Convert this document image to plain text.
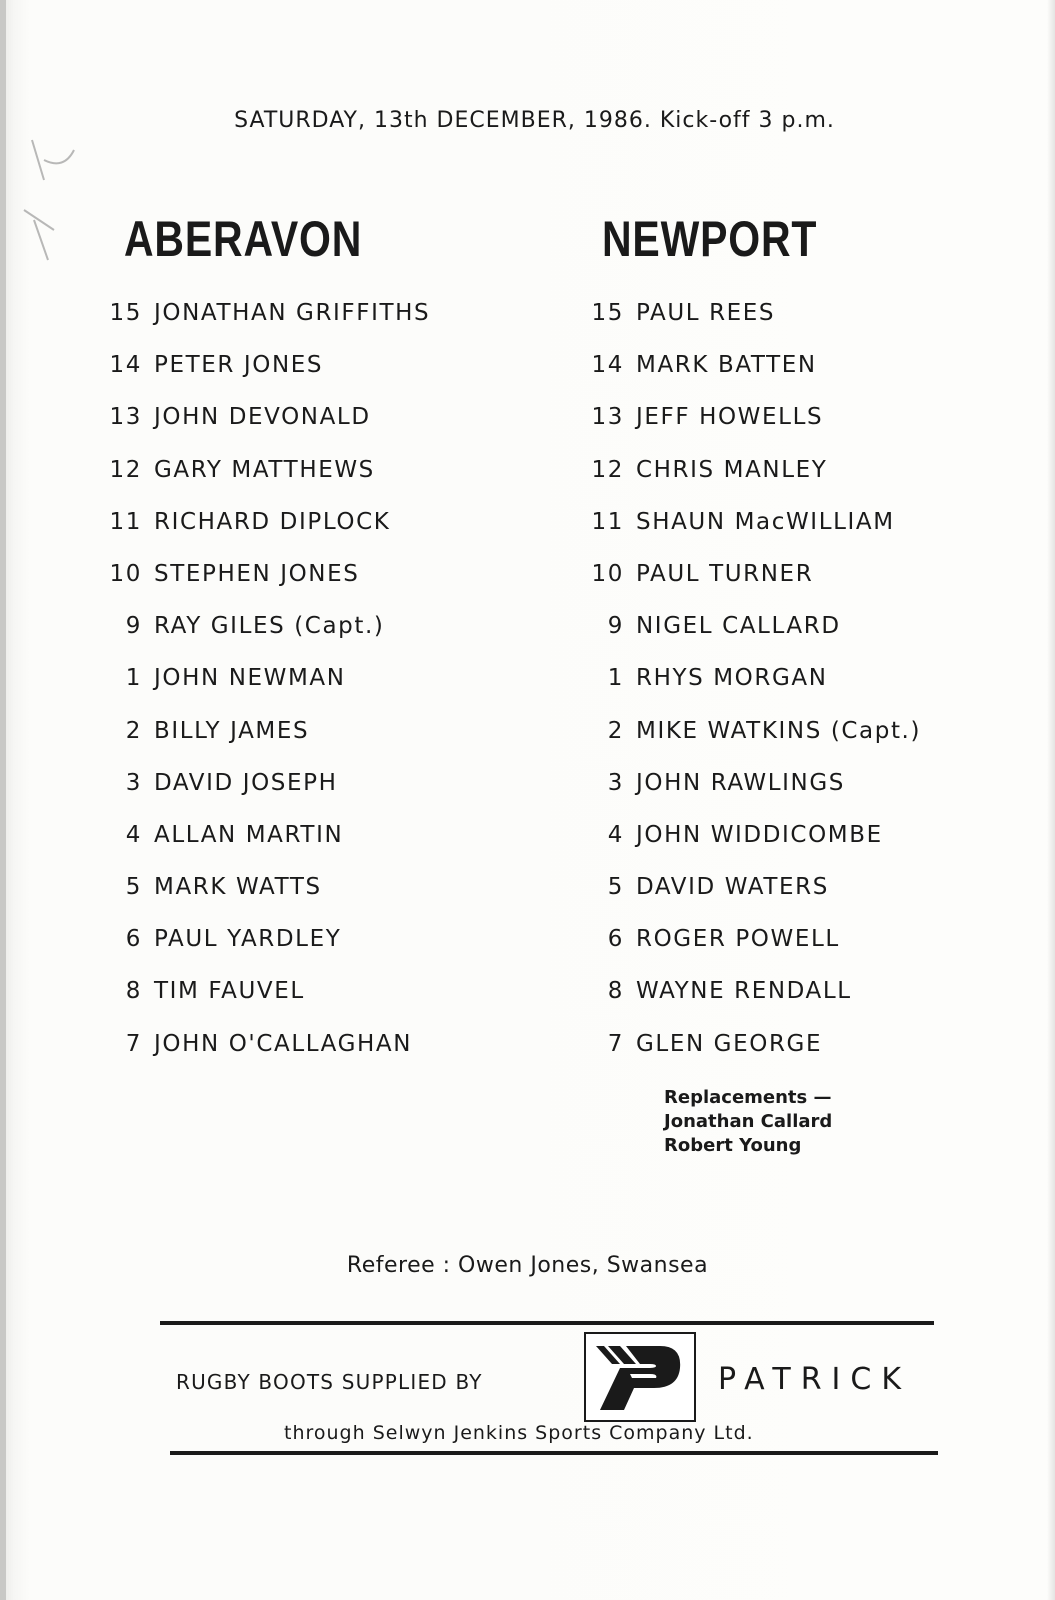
SATURDAY, 13th DECEMBER, 1986. Kick-off 3 p.m.
ABERAVON	NEWPORT
15 JONATHAN GRIFFITHS
14 PETER JONES
13 JOHN DEVONALD
12 GARY MATTHEWS
11 RICHARD DIPLOCK
10 STEPHEN JONES
9 RAY GILES (Capt.)
1 JOHN NEWMAN
2 BILLY JAMES
3 DAVID JOSEPH
4 ALLAN MARTIN
5 MARK WATTS
6 PAUL YARDLEY
8 TIM FAUVEL
7 JOHN O'CALLAGHAN
15 PAUL REES
14 MARK BATTEN
13 JEFF HOWELLS
12 CHRIS MANLEY
11 SHAUN MacWILLIAM
10 PAUL TURNER
9 NIGEL CALLARD
1 RHYS MORGAN
2 MIKE WATKINS (Capt.)
3 JOHN RAWLINGS
4 JOHN WIDDICOMBE
5 DAVID WATERS
6 ROGER POWELL
8 WAYNE RENDALL
7 GLEN GEORGE
Replacements —
Jonathan Callard
Robert Young
Referee : Owen Jones, Swansea
RUGBY BOOTS SUPPLIED BY	PATRICK
through Selwyn Jenkins Sports Company Ltd.
